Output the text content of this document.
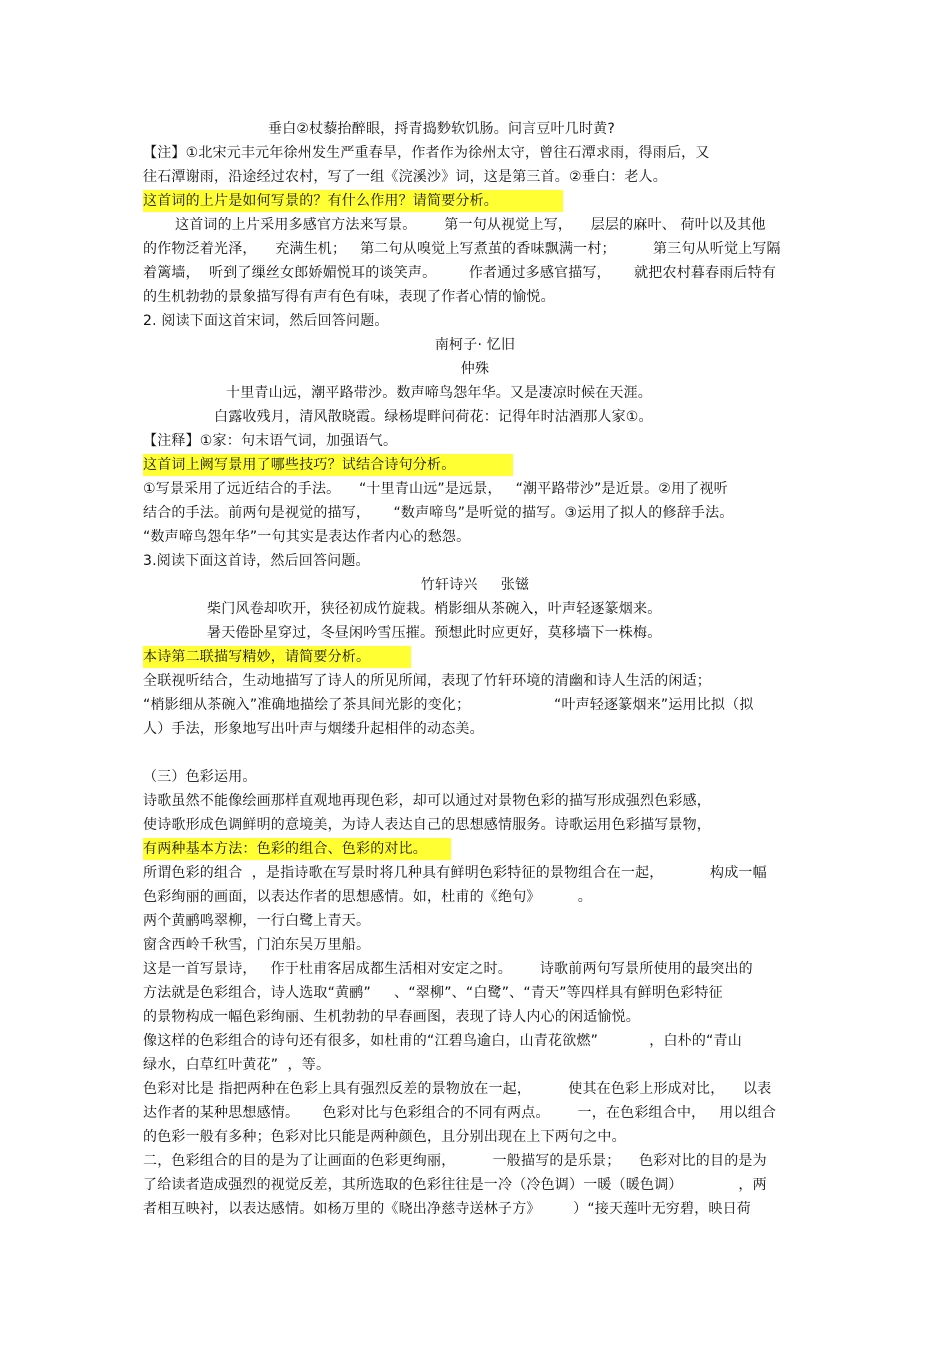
垂白②杖藜抬醉眼，捋青捣麨软饥肠。问言豆叶几时黄?
【注】①北宋元丰元年徐州发生严重春旱，作者作为徐州太守，曾往石潭求雨，得雨后，又
往石潭谢雨，沿途经过农村，写了一组《浣溪沙》词，这是第三首。②垂白：老人。
这首词的上片是如何写景的？有什么作用？请简要分析。
这首词的上片采用多感官方法来写景。      第一句从视觉上写，    层层的麻叶、 荷叶以及其他
的作物泛着光泽，    充满生机；   第二句从嗅觉上写煮茧的香味飘满一村；        第三句从听觉上写隔
着篱墙，  听到了缫丝女郎娇媚悦耳的谈笑声。       作者通过多感官描写，     就把农村暮春雨后特有
的生机勃勃的景象描写得有声有色有味，表现了作者心情的愉悦。
2. 阅读下面这首宋词，然后回答问题。
南柯子· 忆旧
仲殊
十里青山远，潮平路带沙。数声啼鸟怨年华。又是凄凉时候在天涯。
白露收残月，清风散晓霞。绿杨堤畔问荷花：记得年时沽酒那人家①。
【注释】①家：句末语气词，加强语气。
这首词上阙写景用了哪些技巧？试结合诗句分析。
①写景采用了远近结合的手法。    “十里青山远”是远景，   “潮平路带沙”是近景。②用了视听
结合的手法。前两句是视觉的描写，     “数声啼鸟”是听觉的描写。③运用了拟人的修辞手法。
“数声啼鸟怨年华”一句其实是表达作者内心的愁怨。
3.阅读下面这首诗，然后回答问题。
竹轩诗兴     张镃
柴门风卷却吹开，狭径初成竹旋栽。梢影细从茶碗入，叶声轻逐篆烟来。
暑天倦卧星穿过，冬昼闲吟雪压摧。预想此时应更好，莫移墙下一株梅。
本诗第二联描写精妙，请简要分析。
全联视听结合，生动地描写了诗人的所见所闻，表现了竹轩环境的清幽和诗人生活的闲适；
“梢影细从茶碗入”准确地描绘了茶具间光影的变化；                  “叶声轻逐篆烟来”运用比拟（拟
人）手法，形象地写出叶声与烟缕升起相伴的动态美。
（三）色彩运用。
诗歌虽然不能像绘画那样直观地再现色彩，却可以通过对景物色彩的描写形成强烈色彩感，
使诗歌形成色调鲜明的意境美，为诗人表达自己的思想感情服务。诗歌运用色彩描写景物，
有两种基本方法：色彩的组合、色彩的对比。
所谓色彩的组合  ，是指诗歌在写景时将几种具有鲜明色彩特征的景物组合在一起，          构成一幅
色彩绚丽的画面，以表达作者的思想感情。如，杜甫的《绝句》        。
两个黄鹂鸣翠柳，一行白鹭上青天。
窗含西岭千秋雪，门泊东吴万里船。
这是一首写景诗，   作于杜甫客居成都生活相对安定之时。      诗歌前两句写景所使用的最突出的
方法就是色彩组合，诗人选取“黄鹂”     、“翠柳”、“白鹭”、“青天”等四样具有鲜明色彩特征
的景物构成一幅色彩绚丽、生机勃勃的早春画图，表现了诗人内心的闲适愉悦。
像这样的色彩组合的诗句还有很多，如杜甫的“江碧鸟逾白，山青花欲燃”           ，白朴的“青山
绿水，白草红叶黄花”  ，等。
色彩对比是 指把两种在色彩上具有强烈反差的景物放在一起，        使其在色彩上形成对比，    以表
达作者的某种思想感情。     色彩对比与色彩组合的不同有两点。      一，在色彩组合中，   用以组合
的色彩一般有多种；色彩对比只能是两种颜色，且分别出现在上下两句之中。
二，色彩组合的目的是为了让画面的色彩更绚丽，        一般描写的是乐景；    色彩对比的目的是为
了给读者造成强烈的视觉反差，其所选取的色彩往往是一冷（冷色调）一暖（暖色调）            ，两
者相互映衬，以表达感情。如杨万里的《晓出净慈寺送林子方》       ）“接天莲叶无穷碧，映日荷
